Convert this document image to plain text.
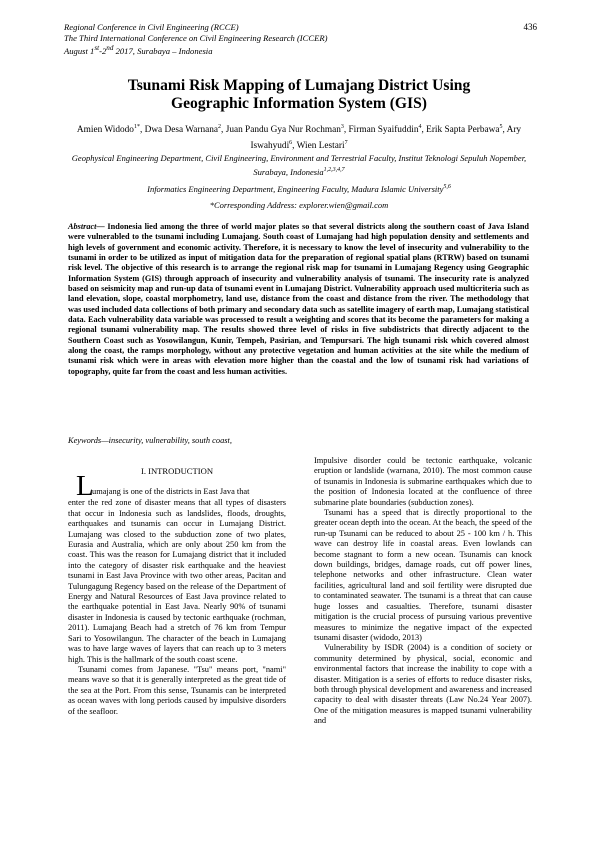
Regional Conference in Civil Engineering (RCCE)
The Third International Conference on Civil Engineering Research (ICCER)
August 1st-2nd 2017, Surabaya – Indonesia
436
Tsunami Risk Mapping of Lumajang District Using
Geographic Information System (GIS)

Amien Widodo$^{1*}$, Dwa Desa Warnana$^2$, Juan Pandu Gya Nur Rochman$^3$, Firman Syaifuddin$^4$, Erik Sapta Perbawa$^5$, Ary Iswahyudi$^6$, Wien Lestari$^7$

Geophysical Engineering Department, Civil Engineering, Environment and Terrestrial Faculty, Institut Teknologi Sepuluh Nopember, Surabaya, Indonesia$^{1,2,3,4,7}$

Informatics Engineering Department, Engineering Faculty, Madura Islamic University$^{5,6}$

*Corresponding Address: explorer.wien@gmail.com

Abstract— Indonesia lied among the three of world major plates so that several districts along the southern coast of Java Island were vulnerabled to the tsunami including Lumajang. South coast of Lumajang had high population density and settlements and high levels of government and economic activity. Therefore, it is necessary to know the level of insecurity and vulnerability to the tsunami in order to be utilized as input of mitigation data for the preparation of regional spatial plans (RTRW) based on tsunami risk level. The objective of this research is to arrange the regional risk map for tsunami in Lumajang Regency using Geographic Information System (GIS) through approach of insecurity and vulnerability analysis of tsunami. The insecurity rate is analyzed based on seismicity map and run-up data of tsunami event in Lumajang District. Vulnerability approach used multicriteria such as land elevation, slope, coastal morphometry, land use, distance from the coast and distance from the river. The methodology that was used included data collections of both primary and secondary data such as satellite imagery of earth map, Lumajang statistical data. Each vulnerability data variable was processed to result a weighting and scores that its become the parameters for making a regional tsunami vulnerability map. The results showed three level of risks in five subdistricts that directly adjacent to the Southern Coast such as Yosowilangun, Kunir, Tempeh, Pasirian, and Tempursari. The high tsunami risk which covered almost along the coast, the ramps morphology, without any protective vegetation and human activities at the site while the medium of tsunami risk which were in areas with elevation more higher than the coastal and the low of tsunami risk had variations of topography, quite far from the coast and less human activities.

Keywords—insecurity, vulnerability, south coast,

I. INTRODUCTION

L
umajang is one of the districts in East Java that

enter the red zone of disaster means that all types of disasters that occur in Indonesia such as landslides, floods, droughts, earthquakes and tsunamis can occur in Lumajang District. Lumajang was closed to the subduction zone of two plates, Eurasia and Australia, which are only about 250 km from the coast. This was the reason for Lumajang district that it included into the category of disaster risk earthquake and the heaviest tsunami in East Java Province with two other areas, Pacitan and Tulungagung Regency based on the release of the Department of Energy and Natural Resources of East Java province related to the earthquake potential in East Java. Nearly 90% of tsunami disaster in Indonesia is caused by tectonic earthquake (rochman, 2011). Lumajang Beach had a stretch of 76 km from Tempur Sari to Yosowilangun. The character of the beach in Lumajang was to have large waves of layers that can reach up to 3 meters high. This is the hallmark of the south coast scene.

Tsunami comes from Japanese. "Tsu" means port, "nami" means wave so that it is generally interpreted as the great tide of the sea at the Port. From this sense, Tsunamis can be interpreted as ocean waves with long periods caused by impulsive disorders of the seafloor.

Impulsive disorder could be tectonic earthquake, volcanic eruption or landslide (warnana, 2010). The most common cause of tsunamis in Indonesia is submarine earthquakes which due to the position of Indonesia located at the confluence of three submarine plate boundaries (subduction zones).

Tsunami has a speed that is directly proportional to the greater ocean depth into the ocean. At the beach, the speed of the run-up Tsunami can be reduced to about 25 - 100 km / h. This wave can destroy life in coastal areas. Even lowlands can become stagnant to form a new ocean. Tsunamis can knock down buildings, bridges, damage roads, cut off power lines, telephone networks and other infrastructure. Clean water facilities, agricultural land and soil fertility were disrupted due to contaminated seawater. The tsunami is a threat that can cause huge losses and casualties. Therefore, tsunami disaster mitigation is the crucial process of pursuing various preventive measures to minimize the negative impact of the expected tsunami disaster (widodo, 2013)

Vulnerability by ISDR (2004) is a condition of society or community determined by physical, social, economic and environmental factors that increase the inability to cope with a disaster. Mitigation is a series of efforts to reduce disaster risks, both through physical development and awareness and increased capacity to deal with disaster threats (Law No.24 Year 2007). One of the mitigation measures is mapped tsunami vulnerability and
